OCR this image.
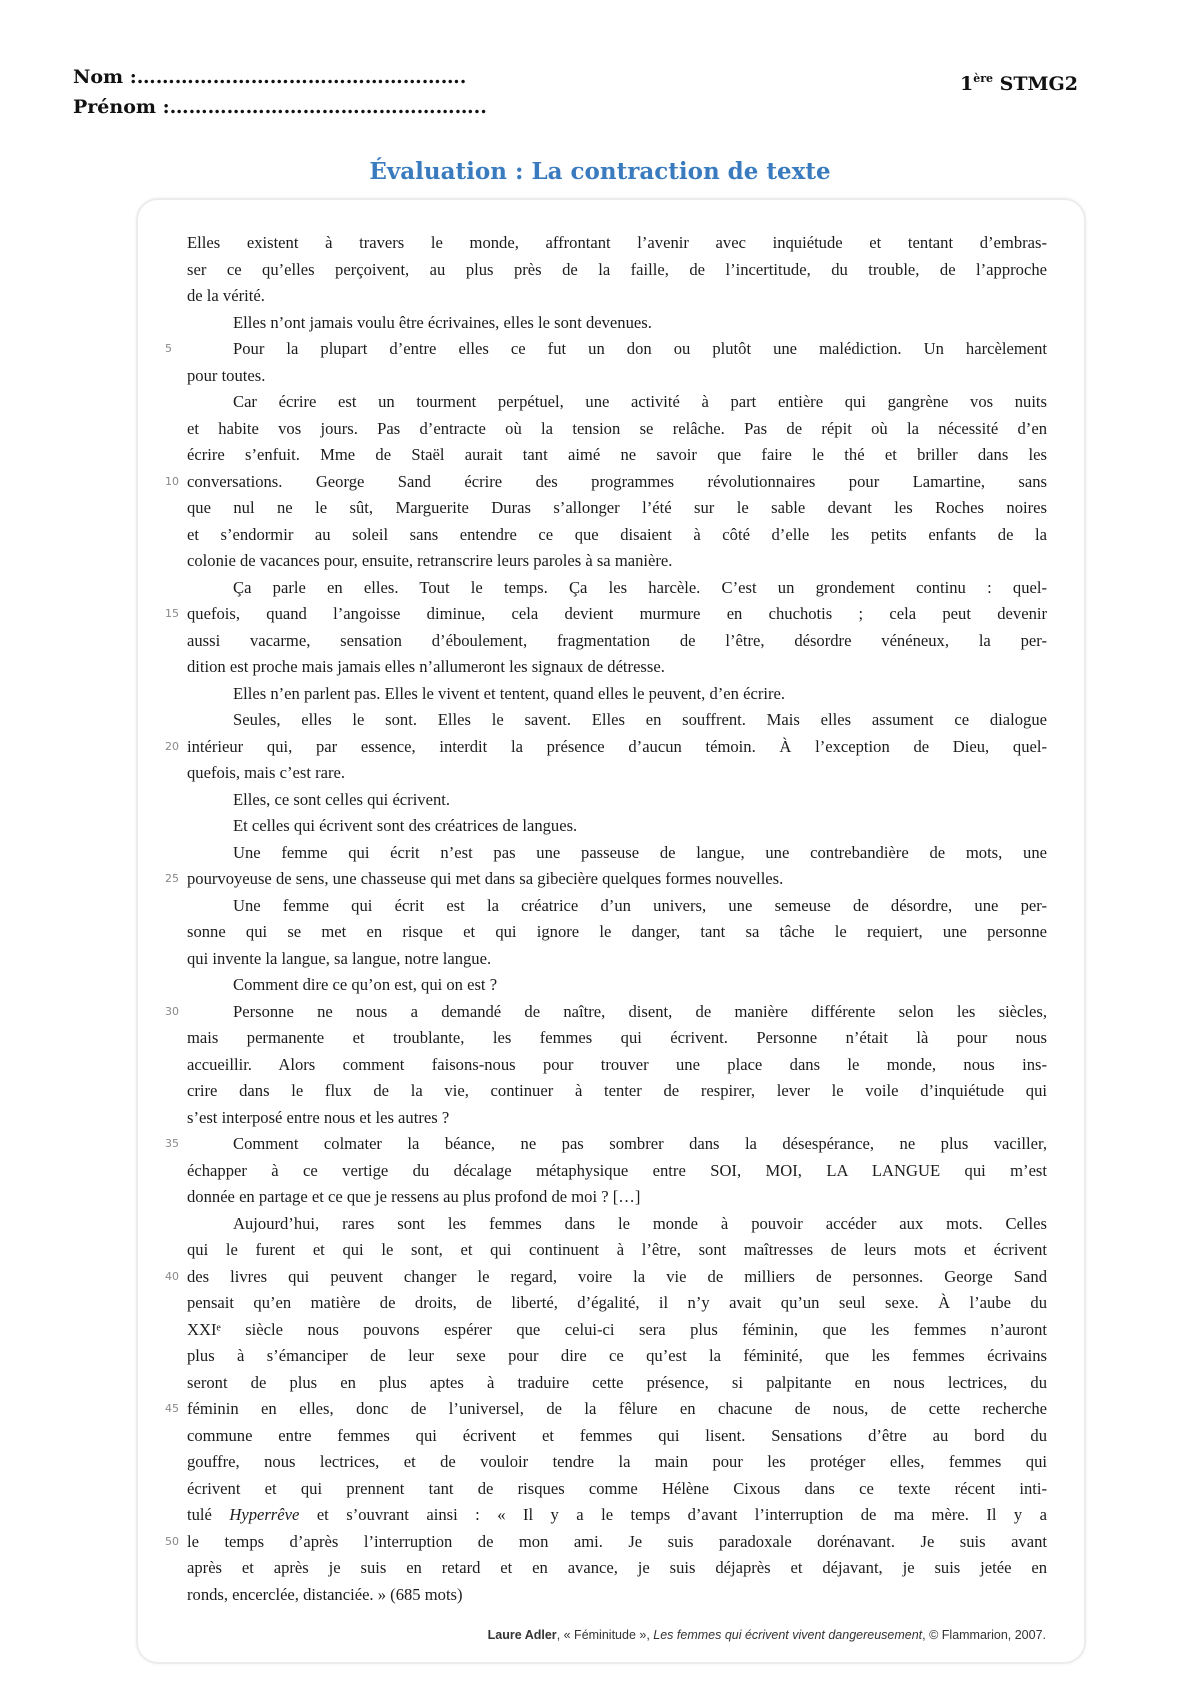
Nom :…………………………………………….
Prénom :…………………………………………..
1ère STMG2
Évaluation : La contraction de texte
Elles existent à travers le monde, affrontant l’avenir avec inquiétude et tentant d’embras-
ser ce qu’elles perçoivent, au plus près de la faille, de l’incertitude, du trouble, de l’approche
de la vérité.
Elles n’ont jamais voulu être écrivaines, elles le sont devenues.
5	Pour la plupart d’entre elles ce fut un don ou plutôt une malédiction. Un harcèlement
pour toutes.
Car écrire est un tourment perpétuel, une activité à part entière qui gangrène vos nuits
et habite vos jours. Pas d’entracte où la tension se relâche. Pas de répit où la nécessité d’en
écrire s’enfuit. Mme de Staël aurait tant aimé ne savoir que faire le thé et briller dans les
10 conversations. George Sand écrire des programmes révolutionnaires pour Lamartine, sans
que nul ne le sût, Marguerite Duras s’allonger l’été sur le sable devant les Roches noires
et s’endormir au soleil sans entendre ce que disaient à côté d’elle les petits enfants de la
colonie de vacances pour, ensuite, retranscrire leurs paroles à sa manière.
Ça parle en elles. Tout le temps. Ça les harcèle. C’est un grondement continu : quel-
15 quefois, quand l’angoisse diminue, cela devient murmure en chuchotis ; cela peut devenir
aussi vacarme, sensation d’éboulement, fragmentation de l’être, désordre vénéneux, la per-
dition est proche mais jamais elles n’allumeront les signaux de détresse.
Elles n’en parlent pas. Elles le vivent et tentent, quand elles le peuvent, d’en écrire.
Seules, elles le sont. Elles le savent. Elles en souffrent. Mais elles assument ce dialogue
20 intérieur qui, par essence, interdit la présence d’aucun témoin. À l’exception de Dieu, quel-
quefois, mais c’est rare.
Elles, ce sont celles qui écrivent.
Et celles qui écrivent sont des créatrices de langues.
Une femme qui écrit n’est pas une passeuse de langue, une contrebandière de mots, une
25 pourvoyeuse de sens, une chasseuse qui met dans sa gibecière quelques formes nouvelles.
Une femme qui écrit est la créatrice d’un univers, une semeuse de désordre, une per-
sonne qui se met en risque et qui ignore le danger, tant sa tâche le requiert, une personne
qui invente la langue, sa langue, notre langue.
Comment dire ce qu’on est, qui on est ?
30	Personne ne nous a demandé de naître, disent, de manière différente selon les siècles,
mais permanente et troublante, les femmes qui écrivent. Personne n’était là pour nous
accueillir. Alors comment faisons-nous pour trouver une place dans le monde, nous ins-
crire dans le flux de la vie, continuer à tenter de respirer, lever le voile d’inquiétude qui
s’est interposé entre nous et les autres ?
35	Comment colmater la béance, ne pas sombrer dans la désespérance, ne plus vaciller,
échapper à ce vertige du décalage métaphysique entre SOI, MOI, LA LANGUE qui m’est
donnée en partage et ce que je ressens au plus profond de moi ? […]
Aujourd’hui, rares sont les femmes dans le monde à pouvoir accéder aux mots. Celles
qui le furent et qui le sont, et qui continuent à l’être, sont maîtresses de leurs mots et écrivent
40 des livres qui peuvent changer le regard, voire la vie de milliers de personnes. George Sand
pensait qu’en matière de droits, de liberté, d’égalité, il n’y avait qu’un seul sexe. À l’aube du
XXIᵉ siècle nous pouvons espérer que celui-ci sera plus féminin, que les femmes n’auront
plus à s’émanciper de leur sexe pour dire ce qu’est la féminité, que les femmes écrivains
seront de plus en plus aptes à traduire cette présence, si palpitante en nous lectrices, du
45 féminin en elles, donc de l’universel, de la fêlure en chacune de nous, de cette recherche
commune entre femmes qui écrivent et femmes qui lisent. Sensations d’être au bord du
gouffre, nous lectrices, et de vouloir tendre la main pour les protéger elles, femmes qui
écrivent et qui prennent tant de risques comme Hélène Cixous dans ce texte récent inti-
tulé Hyperrêve et s’ouvrant ainsi : « Il y a le temps d’avant l’interruption de ma mère. Il y a
50 le temps d’après l’interruption de mon ami. Je suis paradoxale dorénavant. Je suis avant
après et après je suis en retard et en avance, je suis déjaprès et déjavant, je suis jetée en
ronds, encerclée, distanciée. » (685 mots)
Laure Adler, « Féminitude », Les femmes qui écrivent vivent dangereusement, © Flammarion, 2007.
